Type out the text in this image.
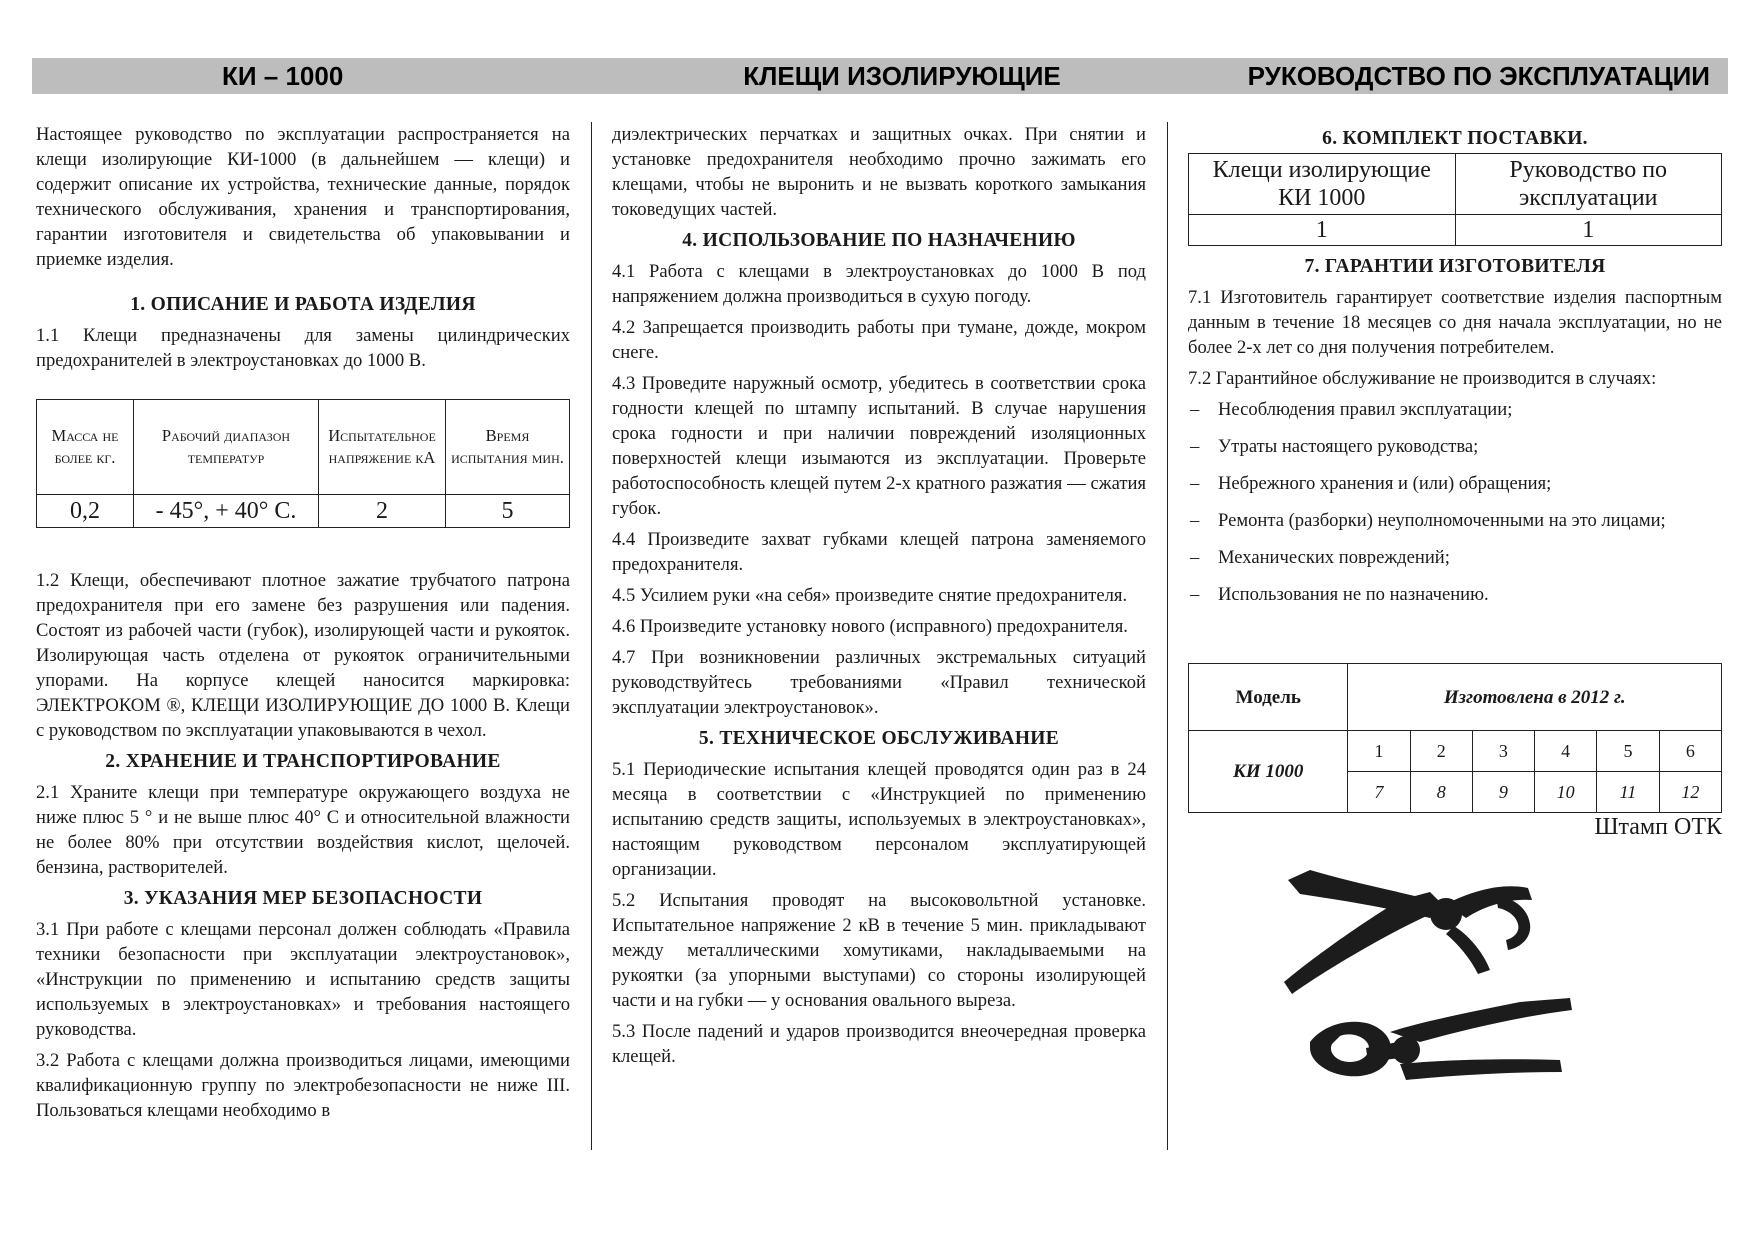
КИ – 1000	КЛЕЩИ ИЗОЛИРУЮЩИЕ	РУКОВОДСТВО ПО ЭКСПЛУАТАЦИИ

Настоящее руководство по эксплуатации распространяется на клещи изолирующие КИ-1000 (в дальнейшем — клещи) и содержит описание их устройства, технические данные, порядок технического обслуживания, хранения и транспортирования, гарантии изготовителя и свидетельства об упаковывании и приемке изделия.

1. ОПИСАНИЕ И РАБОТА ИЗДЕЛИЯ

1.1 Клещи предназначены для замены цилиндрических предохранителей в электроустановках до 1000 В.

Масса не более кг.	Рабочий диапазон температур	Испытательное напряжение кА	Время испытания мин.
0,2	- 45°, + 40° С.	2	5

1.2 Клещи, обеспечивают плотное зажатие трубчатого патрона предохранителя при его замене без разрушения или падения. Состоят из рабочей части (губок), изолирующей части и рукояток. Изолирующая часть отделена от рукояток ограничительными упорами. На корпусе клещей наносится маркировка: ЭЛЕКТРОКОМ ®, КЛЕЩИ ИЗОЛИРУЮЩИЕ ДО 1000 В. Клещи с руководством по эксплуатации упаковываются в чехол.

2. ХРАНЕНИЕ И ТРАНСПОРТИРОВАНИЕ

2.1 Храните клещи при температуре окружающего воздуха не ниже плюс 5 ° и не выше плюс 40° С и относительной влажности не более 80% при отсутствии воздействия кислот, щелочей. бензина, растворителей.

3. УКАЗАНИЯ МЕР БЕЗОПАСНОСТИ

3.1 При работе с клещами персонал должен соблюдать «Правила техники безопасности при эксплуатации электроустановок», «Инструкции по применению и испытанию средств защиты используемых в электроустановках» и требования настоящего руководства.

3.2 Работа с клещами должна производиться лицами, имеющими квалификационную группу по электробезопасности не ниже III. Пользоваться клещами необходимо в

диэлектрических перчатках и защитных очках. При снятии и установке предохранителя необходимо прочно зажимать его клещами, чтобы не выронить и не вызвать короткого замыкания токоведущих частей.

4. ИСПОЛЬЗОВАНИЕ ПО НАЗНАЧЕНИЮ

4.1 Работа с клещами в электроустановках до 1000 В под напряжением должна производиться в сухую погоду.

4.2 Запрещается производить работы при тумане, дожде, мокром снеге.

4.3 Проведите наружный осмотр, убедитесь в соответствии срока годности клещей по штампу испытаний. В случае нарушения срока годности и при наличии повреждений изоляционных поверхностей клещи изымаются из эксплуатации. Проверьте работоспособность клещей путем 2-х кратного разжатия — сжатия губок.

4.4 Произведите захват губками клещей патрона заменяемого предохранителя.

4.5 Усилием руки «на себя» произведите снятие предохранителя.

4.6 Произведите установку нового (исправного) предохранителя.

4.7 При возникновении различных экстремальных ситуаций руководствуйтесь требованиями «Правил технической эксплуатации электроустановок».

5. ТЕХНИЧЕСКОЕ ОБСЛУЖИВАНИЕ

5.1 Периодические испытания клещей проводятся один раз в 24 месяца в соответствии с «Инструкцией по применению испытанию средств защиты, используемых в электроустановках», настоящим руководством персоналом эксплуатирующей организации.

5.2 Испытания проводят на высоковольтной установке. Испытательное напряжение 2 кВ в течение 5 мин. прикладывают между металлическими хомутиками, накладываемыми на рукоятки (за упорными выступами) со стороны изолирующей части и на губки — у основания овального выреза.

5.3 После падений и ударов производится внеочередная проверка клещей.

6. КОМПЛЕКТ ПОСТАВКИ.
Клещи изолирующие КИ 1000	Руководство по эксплуатации
1	1
7. ГАРАНТИИ ИЗГОТОВИТЕЛЯ

7.1 Изготовитель гарантирует соответствие изделия паспортным данным в течение 18 месяцев со дня начала эксплуатации, но не более 2-х лет со дня получения потребителем.

7.2 Гарантийное обслуживание не производится в случаях:

– Несоблюдения правил эксплуатации;
– Утраты настоящего руководства;
– Небрежного хранения и (или) обращения;
– Ремонта (разборки) неуполномоченными на это лицами;
– Механических повреждений;
– Использования не по назначению.
Модель	Изготовлена в 2012 г.					
КИ 1000	1	2	3	4	5	6
	7	8	9	10	11	12
Штамп ОТК
